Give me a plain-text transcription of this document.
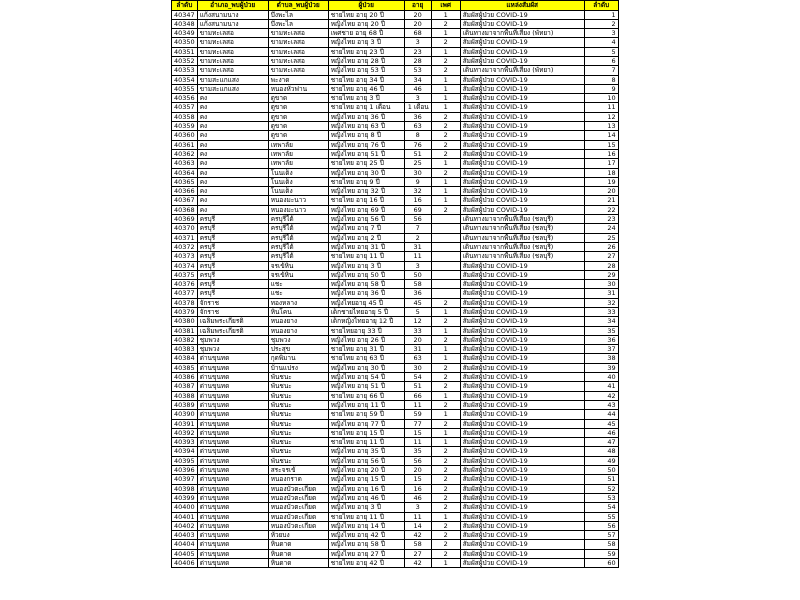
ลำดับ	อำเภอ_พบผู้ป่วย	ตำบล_พบผู้ป่วย	ผู้ป่วย	อายุ	เพศ	แหล่งสัมผัส	ลำดับ
40347	แก้งสนามนาง	บึงพะไล	ชายไทย อายุ 20 ปี	20	1	สัมผัสผู้ป่วย COVID-19	1
40348	แก้งสนามนาง	บึงพะไล	หญิงไทย อายุ 20 ปี	20	2	สัมผัสผู้ป่วย COVID-19	2
40349	ขามทะเลสอ	ขามทะเลสอ	เพศชาย อายุ 68 ปี	68	1	เดินทางมาจากพื้นที่เสี่ยง (พัทยา)	3
40350	ขามทะเลสอ	ขามทะเลสอ	หญิงไทย อายุ 3 ปี	3	2	สัมผัสผู้ป่วย COVID-19	4
40351	ขามทะเลสอ	ขามทะเลสอ	ชายไทย อายุ 23 ปี	23	1	สัมผัสผู้ป่วย COVID-19	5
40352	ขามทะเลสอ	ขามทะเลสอ	หญิงไทย อายุ 28 ปี	28	2	สัมผัสผู้ป่วย COVID-19	6
40353	ขามทะเลสอ	ขามทะเลสอ	หญิงไทย อายุ 53 ปี	53	2	เดินทางมาจากพื้นที่เสี่ยง (พัทยา)	7
40354	ขามสะแกแสง	พะงาด	ชายไทย อายุ 34 ปี	34	1	สัมผัสผู้ป่วย COVID-19	8
40355	ขามสะแกแสง	หนองหัวฟาน	ชายไทย อายุ 46 ปี	46	1	สัมผัสผู้ป่วย COVID-19	9
40356	คง	ดูขาด	ชายไทย อายุ 3 ปี	3	1	สัมผัสผู้ป่วย COVID-19	10
40357	คง	ดูขาด	ชายไทย อายุ 1 เดือน	1 เดือน	1	สัมผัสผู้ป่วย COVID-19	11
40358	คง	ดูขาด	หญิงไทย อายุ 36 ปี	36	2	สัมผัสผู้ป่วย COVID-19	12
40359	คง	ดูขาด	หญิงไทย อายุ 63 ปี	63	2	สัมผัสผู้ป่วย COVID-19	13
40360	คง	ดูขาด	หญิงไทย อายุ 8 ปี	8	2	สัมผัสผู้ป่วย COVID-19	14
40361	คง	เทพาลัย	หญิงไทย อายุ 76 ปี	76	2	สัมผัสผู้ป่วย COVID-19	15
40362	คง	เทพาลัย	หญิงไทย อายุ 51 ปี	51	2	สัมผัสผู้ป่วย COVID-19	16
40363	คง	เทพาลัย	ชายไทย อายุ 25 ปี	25	1	สัมผัสผู้ป่วย COVID-19	17
40364	คง	โนนเต็ง	หญิงไทย อายุ 30 ปี	30	2	สัมผัสผู้ป่วย COVID-19	18
40365	คง	โนนเต็ง	ชายไทย อายุ 9 ปี	9	1	สัมผัสผู้ป่วย COVID-19	19
40366	คง	โนนเต็ง	หญิงไทย อายุ 32 ปี	32	1	สัมผัสผู้ป่วย COVID-19	20
40367	คง	หนองมะนาว	ชายไทย อายุ 16 ปี	16	1	สัมผัสผู้ป่วย COVID-19	21
40368	คง	หนองมะนาว	หญิงไทย อายุ 69 ปี	69	2	สัมผัสผู้ป่วย COVID-19	22
40369	ครบุรี	ครบุรีใต้	หญิงไทย อายุ 56 ปี	56		เดินทางมาจากพื้นที่เสี่ยง (ชลบุรี)	23
40370	ครบุรี	ครบุรีใต้	หญิงไทย อายุ 7 ปี	7		เดินทางมาจากพื้นที่เสี่ยง (ชลบุรี)	24
40371	ครบุรี	ครบุรีใต้	หญิงไทย อายุ 2 ปี	2		เดินทางมาจากพื้นที่เสี่ยง (ชลบุรี)	25
40372	ครบุรี	ครบุรีใต้	หญิงไทย อายุ 31 ปี	31		เดินทางมาจากพื้นที่เสี่ยง (ชลบุรี)	26
40373	ครบุรี	ครบุรีใต้	ชายไทย อายุ 11 ปี	11		เดินทางมาจากพื้นที่เสี่ยง (ชลบุรี)	27
40374	ครบุรี	จรเข้หิน	หญิงไทย อายุ 3 ปี	3		สัมผัสผู้ป่วย COVID-19	28
40375	ครบุรี	จรเข้หิน	หญิงไทย อายุ 50 ปี	50		สัมผัสผู้ป่วย COVID-19	29
40376	ครบุรี	แชะ	หญิงไทย อายุ 58 ปี	58		สัมผัสผู้ป่วย COVID-19	30
40377	ครบุรี	แชะ	หญิงไทย อายุ 36 ปี	36		สัมผัสผู้ป่วย COVID-19	31
40378	จักราช	ทองหลาง	หญิงไทยอายุ 45 ปี	45	2	สัมผัสผู้ป่วย COVID-19	32
40379	จักราช	หินโคน	เด็กชายไทยอายุ 5 ปี	5	1	สัมผัสผู้ป่วย COVID-19	33
40380	เฉลิมพระเกียรติ	หนองยาง	เด็กหญิงไทยอายุ 12 ปี	12	2	สัมผัสผู้ป่วย COVID-19	34
40381	เฉลิมพระเกียรติ	หนองยาง	ชายไทยอายุ 33 ปี	33	1	สัมผัสผู้ป่วย COVID-19	35
40382	ชุมพวง	ชุมพวง	หญิงไทย อายุ 26 ปี	20	2	สัมผัสผู้ป่วย COVID-19	36
40383	ชุมพวง	ประสุข	ชายไทย อายุ 31 ปี	31	1	สัมผัสผู้ป่วย COVID-19	37
40384	ด่านขุนทด	กุดพิมาน	ชายไทย อายุ 63 ปี	63	1	สัมผัสผู้ป่วย COVID-19	38
40385	ด่านขุนทด	บ้านแปรง	หญิงไทย อายุ 30 ปี	30	2	สัมผัสผู้ป่วย COVID-19	39
40386	ด่านขุนทด	พันชนะ	หญิงไทย อายุ 54 ปี	54	2	สัมผัสผู้ป่วย COVID-19	40
40387	ด่านขุนทด	พันชนะ	หญิงไทย อายุ 51 ปี	51	2	สัมผัสผู้ป่วย COVID-19	41
40388	ด่านขุนทด	พันชนะ	ชายไทย อายุ 66 ปี	66	1	สัมผัสผู้ป่วย COVID-19	42
40389	ด่านขุนทด	พันชนะ	หญิงไทย อายุ 11 ปี	11	2	สัมผัสผู้ป่วย COVID-19	43
40390	ด่านขุนทด	พันชนะ	ชายไทย อายุ 59 ปี	59	1	สัมผัสผู้ป่วย COVID-19	44
40391	ด่านขุนทด	พันชนะ	หญิงไทย อายุ 77 ปี	77	2	สัมผัสผู้ป่วย COVID-19	45
40392	ด่านขุนทด	พันชนะ	ชายไทย อายุ 15 ปี	15	1	สัมผัสผู้ป่วย COVID-19	46
40393	ด่านขุนทด	พันชนะ	ชายไทย อายุ 11 ปี	11	1	สัมผัสผู้ป่วย COVID-19	47
40394	ด่านขุนทด	พันชนะ	หญิงไทย อายุ 35 ปี	35	2	สัมผัสผู้ป่วย COVID-19	48
40395	ด่านขุนทด	พันชนะ	หญิงไทย อายุ 56 ปี	56	2	สัมผัสผู้ป่วย COVID-19	49
40396	ด่านขุนทด	สระจรเข้	หญิงไทย อายุ 20 ปี	20	2	สัมผัสผู้ป่วย COVID-19	50
40397	ด่านขุนทด	หนองกราด	หญิงไทย อายุ 15 ปี	15	2	สัมผัสผู้ป่วย COVID-19	51
40398	ด่านขุนทด	หนองบัวตะเกียด	หญิงไทย อายุ 16 ปี	16	2	สัมผัสผู้ป่วย COVID-19	52
40399	ด่านขุนทด	หนองบัวตะเกียด	หญิงไทย อายุ 46 ปี	46	2	สัมผัสผู้ป่วย COVID-19	53
40400	ด่านขุนทด	หนองบัวตะเกียด	หญิงไทย อายุ 3 ปี	3	2	สัมผัสผู้ป่วย COVID-19	54
40401	ด่านขุนทด	หนองบัวตะเกียด	ชายไทย อายุ 11 ปี	11	1	สัมผัสผู้ป่วย COVID-19	55
40402	ด่านขุนทด	หนองบัวตะเกียด	หญิงไทย อายุ 14 ปี	14	2	สัมผัสผู้ป่วย COVID-19	56
40403	ด่านขุนทด	ห้วยบง	หญิงไทย อายุ 42 ปี	42	2	สัมผัสผู้ป่วย COVID-19	57
40404	ด่านขุนทด	หินดาด	หญิงไทย อายุ 58 ปี	58	2	สัมผัสผู้ป่วย COVID-19	58
40405	ด่านขุนทด	หินดาด	หญิงไทย อายุ 27 ปี	27	2	สัมผัสผู้ป่วย COVID-19	59
40406	ด่านขุนทด	หินดาด	ชายไทย อายุ 42 ปี	42	1	สัมผัสผู้ป่วย COVID-19	60
